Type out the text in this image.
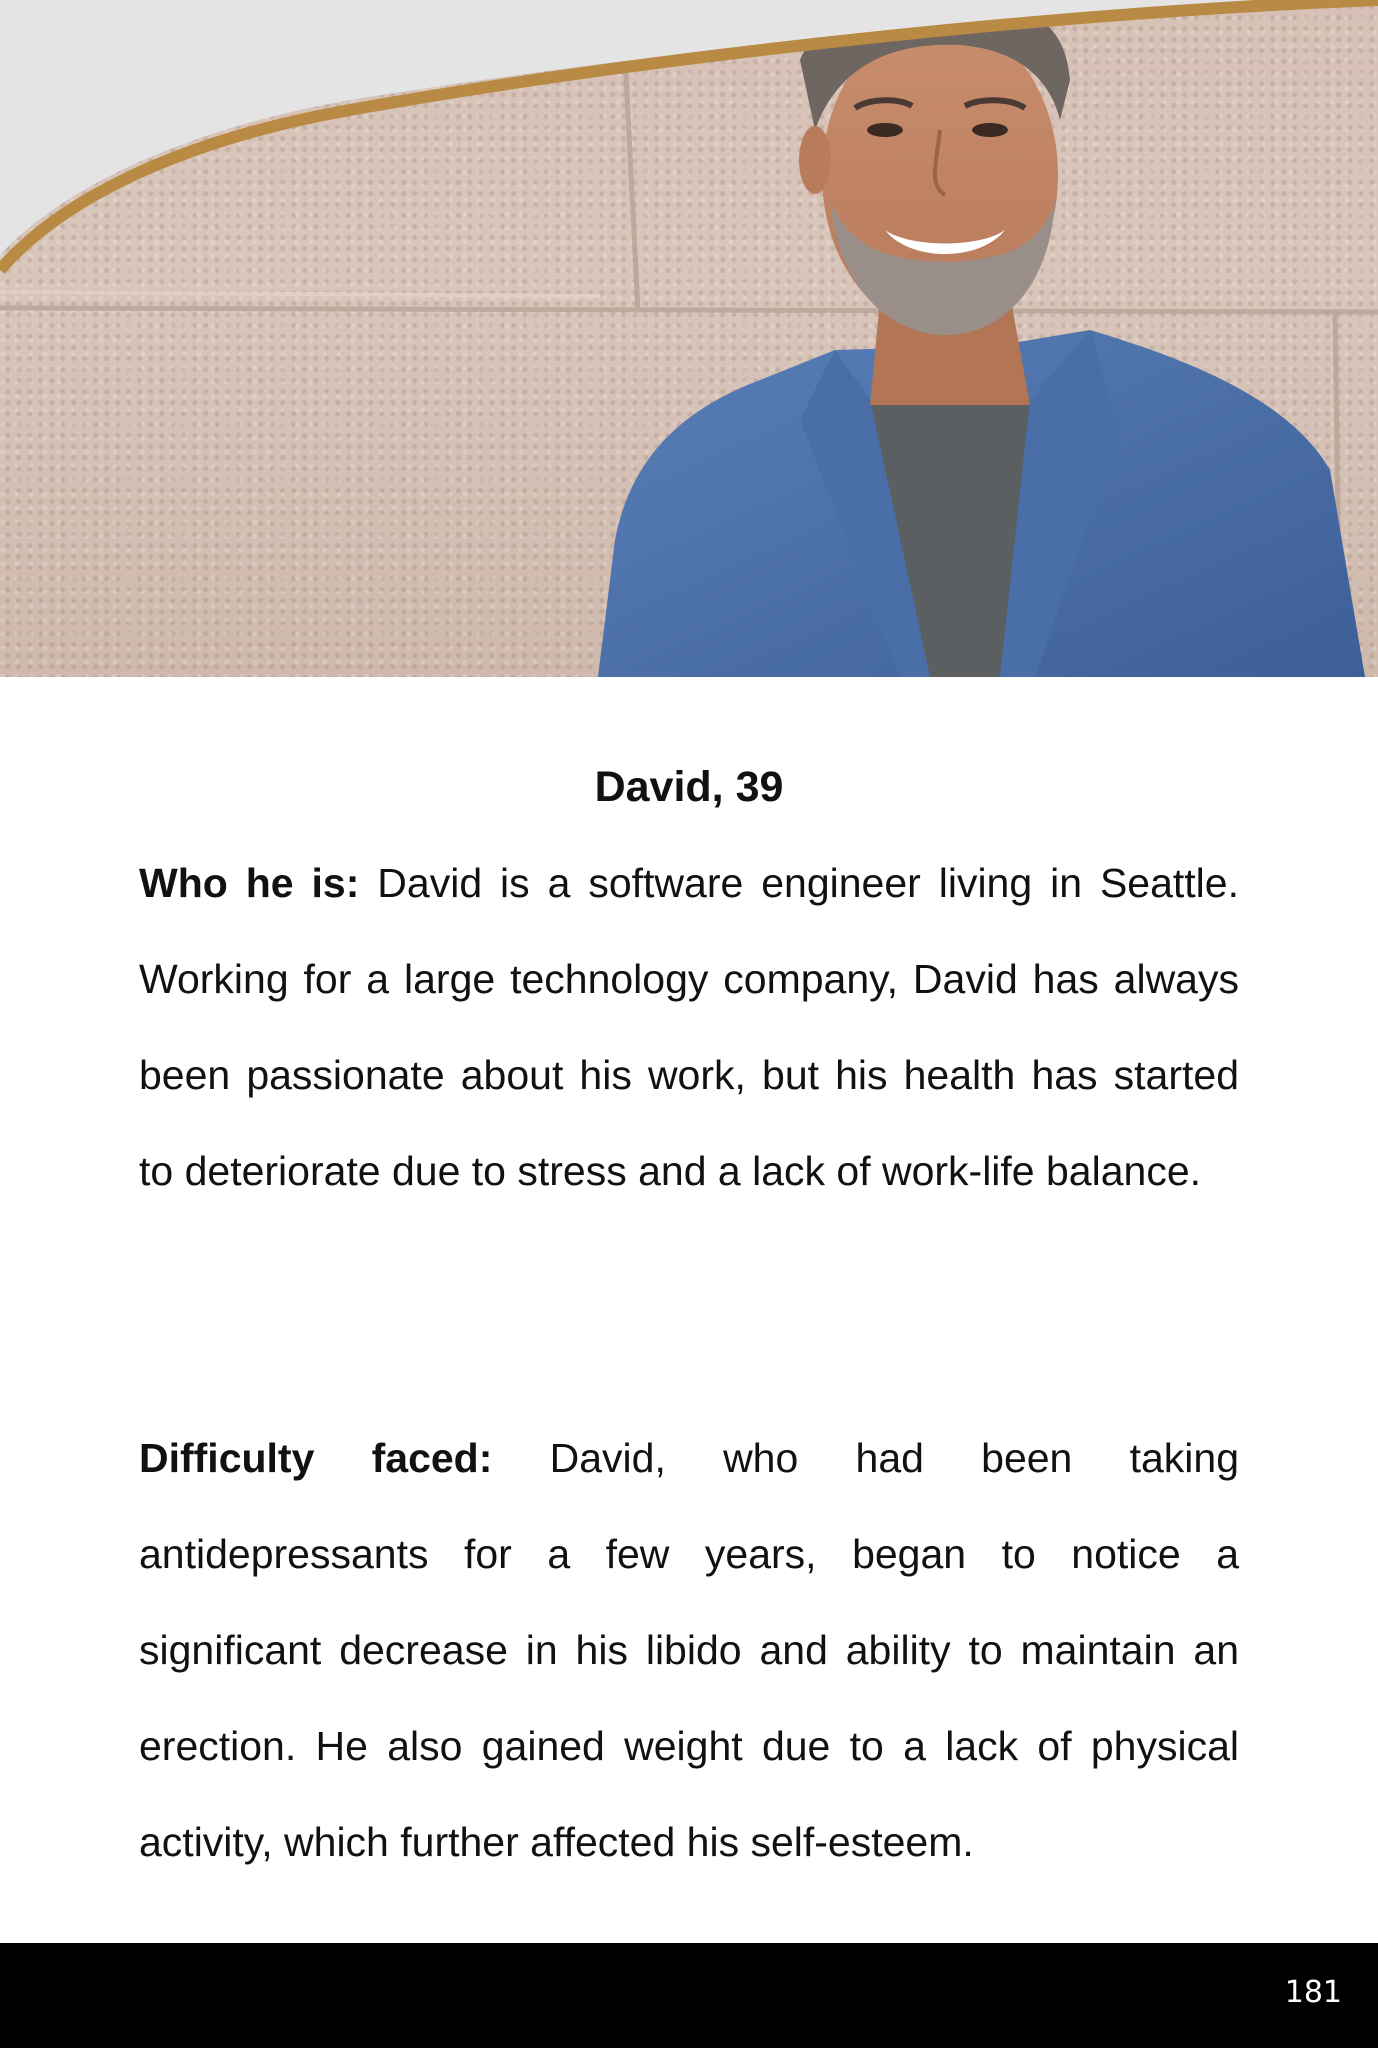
David, 39

Who he is: David is a software engineer living in Seattle. Working for a large technology company, David has always been passionate about his work, but his health has started to deteriorate due to stress and a lack of work-life balance.

Difficulty faced: David, who had been taking antidepressants for a few years, began to notice a significant decrease in his libido and ability to maintain an erection. He also gained weight due to a lack of physical activity, which further affected his self-esteem.

181
